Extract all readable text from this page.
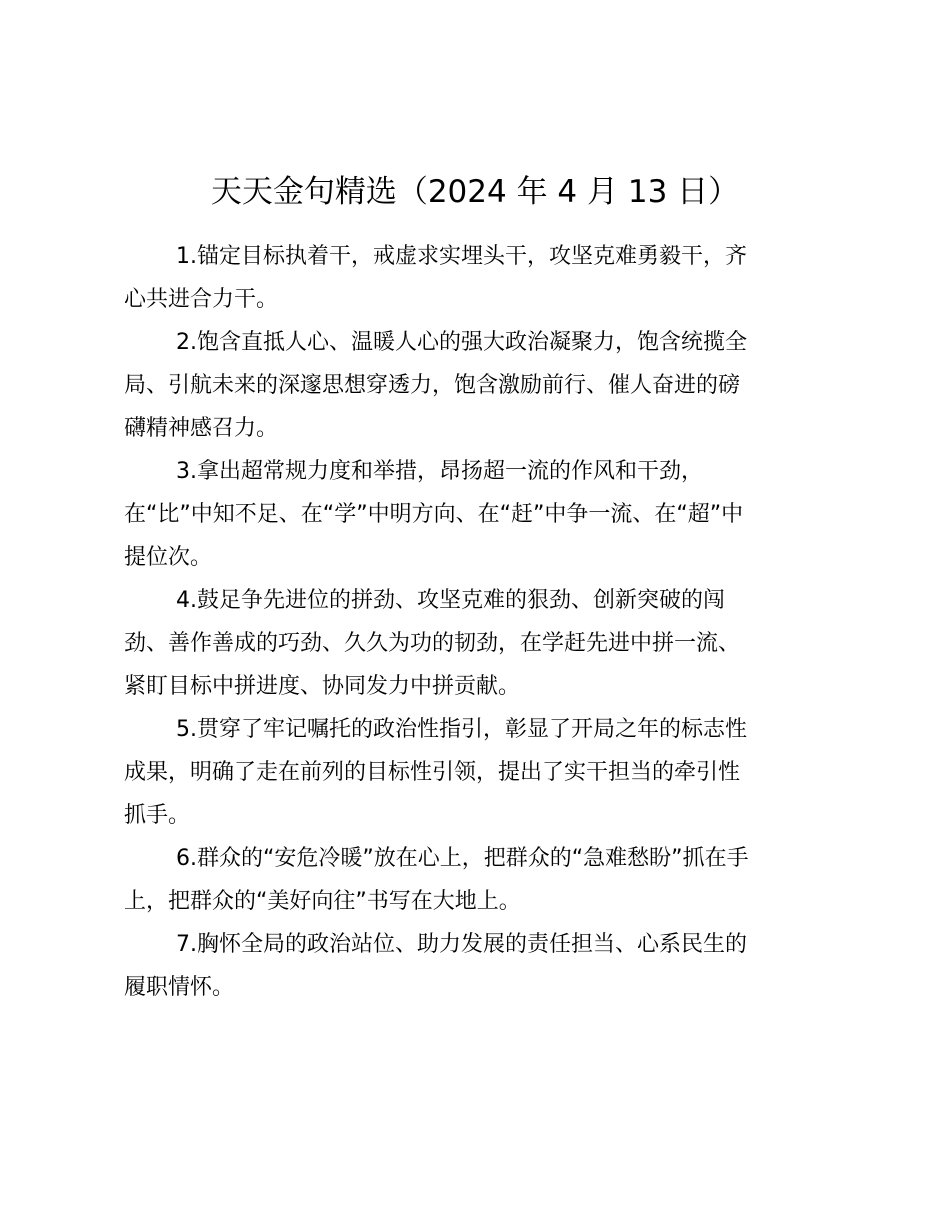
天天金句精选（2024 年 4 月 13 日）

1.锚定目标执着干，戒虚求实埋头干，攻坚克难勇毅干，齐
心共进合力干。

2.饱含直抵人心、温暖人心的强大政治凝聚力，饱含统揽全
局、引航未来的深邃思想穿透力，饱含激励前行、催人奋进的磅
礴精神感召力。

3.拿出超常规力度和举措，昂扬超一流的作风和干劲，
在“比”中知不足、在“学”中明方向、在“赶”中争一流、在“超”中
提位次。

4.鼓足争先进位的拼劲、攻坚克难的狠劲、创新突破的闯
劲、善作善成的巧劲、久久为功的韧劲，在学赶先进中拼一流、
紧盯目标中拼进度、协同发力中拼贡献。

5.贯穿了牢记嘱托的政治性指引，彰显了开局之年的标志性
成果，明确了走在前列的目标性引领，提出了实干担当的牵引性
抓手。

6.群众的“安危冷暖”放在心上，把群众的“急难愁盼”抓在手
上，把群众的“美好向往”书写在大地上。

7.胸怀全局的政治站位、助力发展的责任担当、心系民生的
履职情怀。
